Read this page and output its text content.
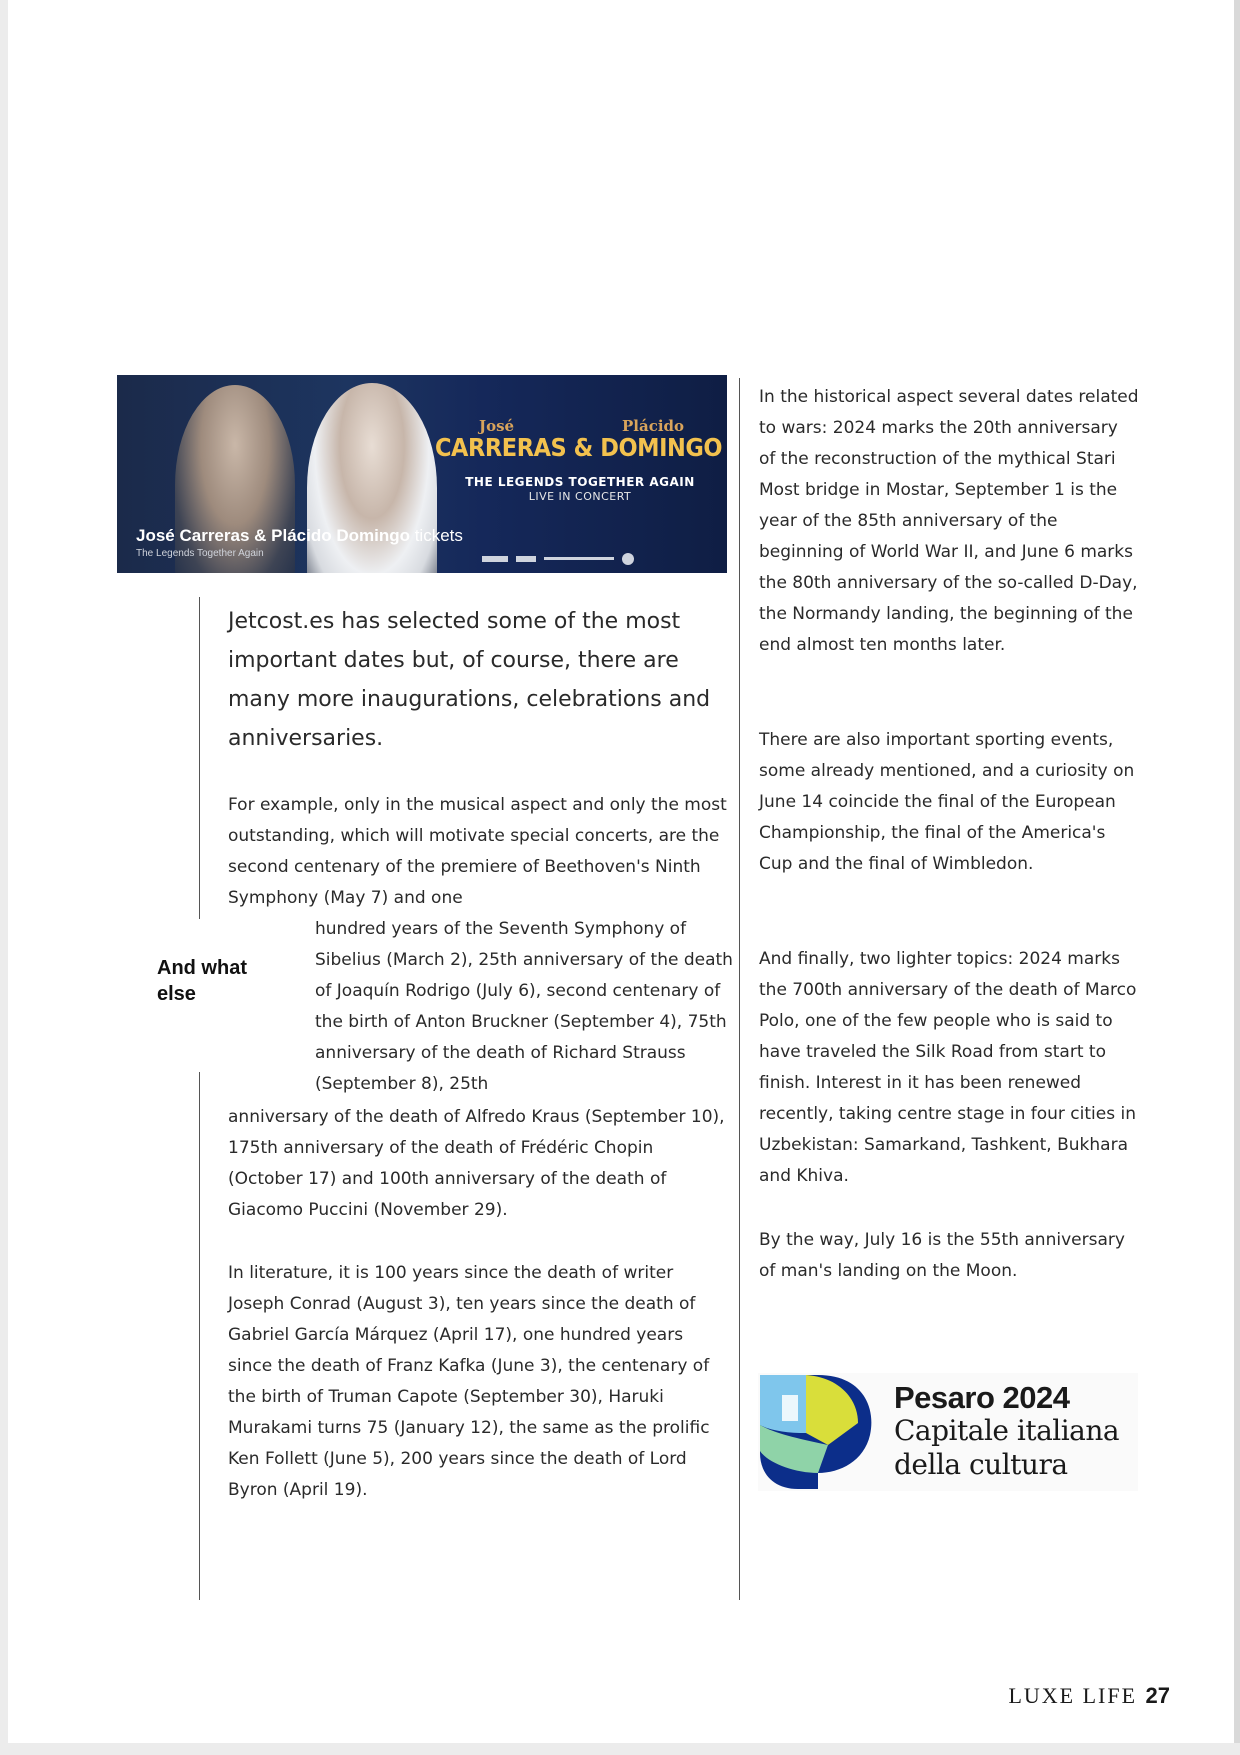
José	Plácido
CARRERAS & DOMINGO
THE LEGENDS TOGETHER AGAIN
LIVE IN CONCERT
José Carreras & Plácido Domingo tickets
The Legends Together Again
Jetcost.es has selected some of the most important dates but, of course, there are many more inaugurations, celebrations and anniversaries.
For example, only in the musical aspect and only the most outstanding, which will motivate special concerts, are the second centenary of the premiere of Beethoven's Ninth Symphony (May 7) and one
hundred years of the Seventh Symphony of Sibelius (March 2), 25th anniversary of the death of Joaquín Rodrigo (July 6), second centenary of the birth of Anton Bruckner (September 4), 75th anniversary of the death of Richard Strauss (September 8), 25th
anniversary of the death of Alfredo Kraus (September 10), 175th anniversary of the death of Frédéric Chopin (October 17) and 100th anniversary of the death of Giacomo Puccini (November 29).
In literature, it is 100 years since the death of writer Joseph Conrad (August 3), ten years since the death of Gabriel García Márquez (April 17), one hundred years since the death of Franz Kafka (June 3), the centenary of the birth of Truman Capote (September 30), Haruki Murakami turns 75 (January 12), the same as the prolific Ken Follett (June 5), 200 years since the death of Lord Byron (April 19).
And what else
In the historical aspect several dates related to wars: 2024 marks the 20th anniversary of the reconstruction of the mythical Stari Most bridge in Mostar, September 1 is the year of the 85th anniversary of the beginning of World War II, and June 6 marks the 80th anniversary of the so-called D-Day, the Normandy landing, the beginning of the end almost ten months later.
There are also important sporting events, some already mentioned, and a curiosity on June 14 coincide the final of the European Championship, the final of the America's Cup and the final of Wimbledon.
And finally, two lighter topics: 2024 marks the 700th anniversary of the death of Marco Polo, one of the few people who is said to have traveled the Silk Road from start to finish. Interest in it has been renewed recently, taking centre stage in four cities in Uzbekistan: Samarkand, Tashkent, Bukhara and Khiva.
By the way, July 16 is the 55th anniversary of man's landing on the Moon.
Pesaro 2024
Capitale italiana
della cultura
LUXE LIFE 27
